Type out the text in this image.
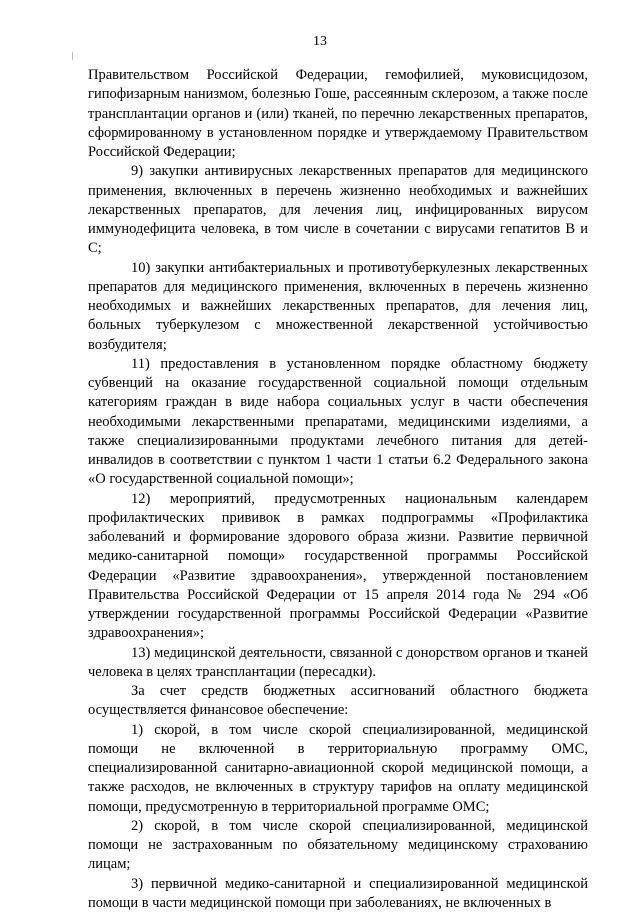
13

Правительством Российской Федерации, гемофилией, муковисцидозом, гипофизарным нанизмом, болезнью Гоше, рассеянным склерозом, а также после трансплантации органов и (или) тканей, по перечню лекарственных препаратов, сформированному в установленном порядке и утверждаемому Правительством Российской Федерации;

9) закупки антивирусных лекарственных препаратов для медицинского применения, включенных в перечень жизненно необходимых и важнейших лекарственных препаратов, для лечения лиц, инфицированных вирусом иммунодефицита человека, в том числе в сочетании с вирусами гепатитов В и С;

10) закупки антибактериальных и противотуберкулезных лекарственных препаратов для медицинского применения, включенных в перечень жизненно необходимых и важнейших лекарственных препаратов, для лечения лиц, больных туберкулезом с множественной лекарственной устойчивостью возбудителя;

11) предоставления в установленном порядке областному бюджету субвенций на оказание государственной социальной помощи отдельным категориям граждан в виде набора социальных услуг в части обеспечения необходимыми лекарственными препаратами, медицинскими изделиями, а также специализированными продуктами лечебного питания для детей-инвалидов в соответствии с пунктом 1 части 1 статьи 6.2 Федерального закона «О государственной социальной помощи»;

12) мероприятий, предусмотренных национальным календарем профилактических прививок в рамках подпрограммы «Профилактика заболеваний и формирование здорового образа жизни. Развитие первичной медико-санитарной помощи» государственной программы Российской Федерации «Развитие здравоохранения», утвержденной постановлением Правительства Российской Федерации от 15 апреля 2014 года № 294 «Об утверждении государственной программы Российской Федерации «Развитие здравоохранения»;

13) медицинской деятельности, связанной с донорством органов и тканей человека в целях трансплантации (пересадки).

За счет средств бюджетных ассигнований областного бюджета осуществляется финансовое обеспечение:

1) скорой, в том числе скорой специализированной, медицинской помощи не включенной в территориальную программу ОМС, специализированной санитарно-авиационной скорой медицинской помощи, а также расходов, не включенных в структуру тарифов на оплату медицинской помощи, предусмотренную в территориальной программе ОМС;

2) скорой, в том числе скорой специализированной, медицинской помощи не застрахованным по обязательному медицинскому страхованию лицам;

3) первичной медико-санитарной и специализированной медицинской помощи в части медицинской помощи при заболеваниях, не включенных в
